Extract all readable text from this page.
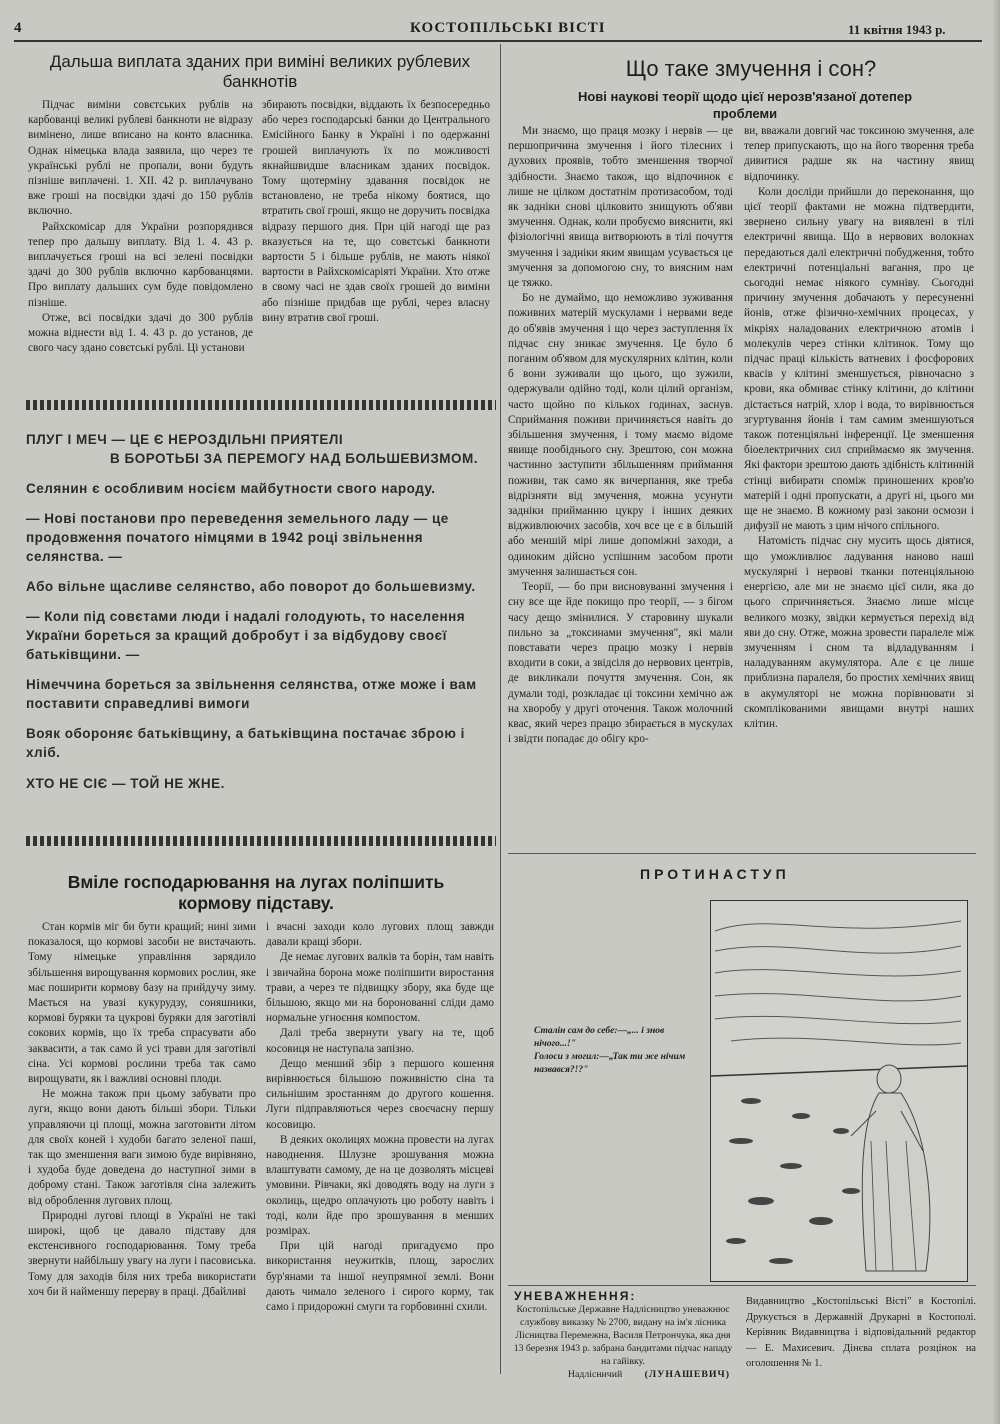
4	КОСТОПІЛЬСЬКІ ВІСТІ	11 квітня 1943 р.
Дальша виплата зданих при виміні великих рублевих банкнотів

Підчас виміни совєтських рублів на карбованці великі рублеві банкноти не відразу вимінено, лише вписано на конто власника. Однак німецька влада заявила, що через те українські рублі не пропали, вони будуть пізніше виплачені. 1. XII. 42 р. виплачувано вже гроші на посвідки здачі до 150 рублів включно.

Райхскомісар для України розпорядився тепер про дальшу виплату. Від 1. 4. 43 р. виплачується гроші на всі зелені посвідки здачі до 300 рублів включно карбованцями. Про виплату дальших сум буде повідомлено пізніше.

Отже, всі посвідки здачі до 300 рублів можна віднести від 1. 4. 43 р. до установ, де свого часу здано совєтські рублі. Ці установи

збирають посвідки, віддають їх безпосередньо або через господарські банки до Центрального Емісійного Банку в Україні і по одержанні грошей виплачують їх по можливості якнайшвидше власникам зданих посвідок. Тому щотерміну здавання посвідок не встановлено, не треба нікому боятися, що втратить свої гроші, якщо не доручить посвідка відразу першого дня. При цій нагоді ще раз вказується на те, що совєтські банкноти вартости 5 і більше рублів, не мають ніякої вартости в Райхскомісаріяті України. Хто отже в свому часі не здав своїх грошей до виміни або пізніше придбав ще рублі, через власну вину втратив свої гроші.

ПЛУГ І МЕЧ — ЦЕ Є НЕРОЗДІЛЬНІ ПРИЯТЕЛІ

В БОРОТЬБІ ЗА ПЕРЕМОГУ НАД БОЛЬШЕВИЗМОМ.

Селянин є особливим носієм майбутности свого народу.

— Нові постанови про переведення земельного ладу — це продовження початого німцями в 1942 році звільнення селянства. —

Або вільне щасливе селянство, або поворот до большевизму.

— Коли під совєтами люди і надалі голодують, то населення України бореться за кращий добробут і за відбудову своєї батьківщини. —

Німеччина бореться за звільнення селянства, отже може і вам поставити справедливі вимоги

Вояк обороняє батьківщину, а батьківщина постачає зброю і хліб.

ХТО НЕ СІЄ — ТОЙ НЕ ЖНЕ.

Що таке змучення і сон?
Нові наукові теорії щодо цієї нерозв'язаної дотепер проблеми

Ми знаємо, що праця мозку і нервів — це першопричина змучення і його тілесних і духових проявів, тобто зменшення творчої здібности. Знаємо також, що відпочинок є лише не цілком достатнім протизасобом, тоді як задніки снові цілковито знищують об'яви змучення. Однак, коли пробуємо вияснити, які фізіологічні явища витворюють в тілі почуття змучення і задніки яким явищам усувається це змучення за допомогою сну, то виясним нам це тяжко.

Бо не думаймо, що неможливо зуживання поживних матерій мускулами і нервами веде до об'явів змучення і що через заступлення їх підчас сну зникає змучення. Це було б поганим об'явом для мускулярних клітин, коли б вони зуживали що цього, що зужили, одержували одійно тоді, коли цілий організм, часто щойно по кількох годинах, заснув. Сприймання поживи причиняється навіть до збільшення змучення, і тому маємо відоме явище пообіднього сну. Зрештою, сон можна частинно заступити збільшенням приймання поживи, так само як вичерпання, яке треба відрізняти від змучення, можна усунути задніки прийманню цукру і інших деяких відживлюючих засобів, хоч все це є в більшій або меншій мірі лише допоміжні заходи, а одиноким дійсно успішним засобом проти змучення залишається сон.

Теорії, — бо при висновуванні змучення і сну все ще йде покищо про теорії, — з бігом часу дещо змінилися. У старовину шукали пильно за „токсинами змучення", які мали повставати через працю мозку і нервів входити в соки, а звідсіля до нервових центрів, де викликали почуття змучення. Сон, як думали тоді, розкладає ці токсини хемічно аж на хворобу у другі оточення. Також молочний квас, який через працю збирається в мускулах і звідти попадає до обігу кро-

ви, вважали довгий час токсиною змучення, але тепер припускають, що на його творення треба дивитися радше як на частину явищ відпочинку.

Коли досліди прийшли до переконання, що цієї теорії фактами не можна підтвердити, звернено сильну увагу на виявлені в тілі електричні явища. Що в нервових волокнах передаються далі електричні побудження, тобто електричні потенціальні вагання, про це сьогодні немає ніякого сумніву. Сьогодні причину змучення добачають у пересуненні йонів, отже фізично-хемічних процесах, у мікріях наладованих електричною атомів і молекулів через стінки клітинок. Тому що підчас праці кількість ватневих і фосфорових квасів у клітині зменшується, рівночасно з крови, яка обмиває стінку клітини, до клітини дістається натрій, хлор і вода, то вирівнюється згуртування йонів і там самим зменшуються також потенціяльні інференції. Це зменшення біоелектричних сил сприймаємо як змучення. Які фактори зрештою дають здібність клітинній стінці вибирати споміж приношених кров'ю матерій і одні пропускати, а другі ні, цього ми ще не знаємо. В кожному разі закони осмози і дифузії не мають з цим нічого спільного.

Натомість підчас сну мусить щось діятися, що уможливлює ладування наново наші мускулярні і нервові тканки потенціяльною енергією, але ми не знаємо цієї сили, яка до цього спричиняється. Знаємо лише місце великого мозку, звідки кермується перехід від яви до сну. Отже, можна зровести паралеле між змученням і сном та відладуванням і наладуванням акумулятора. Але є це лише приблизна паралеля, бо простих хемічних явищ в акумуляторі не можна порівнювати зі скомплікованими явищами внутрі наших клітин.

Вміле господарювання на лугах поліпшить кормову підставу.

Стан кормів міг би бути кращий; нині зими показалося, що кормові засоби не вистачають. Тому німецьке управління зарядило збільшення вирощування кормових рослин, яке має поширити кормову базу на прийдучу зиму. Мається на увазі кукурудзу, соняшники, кормові буряки та цукрові буряки для заготівлі сокових кормів, що їх треба спрасувати або заквасити, а так само й усі трави для заготівлі сіна. Усі кормові рослини треба так само вирощувати, як і важливі основні плоди.

Не можна також при цьому забувати про луги, якщо вони дають більші збори. Тільки управляючи ці площі, можна заготовити літом для своїх коней і худоби багато зеленої паші, так що зменшення ваги зимою буде вирівняно, і худоба буде доведена до наступної зими в доброму стані. Також заготівля сіна залежить від оброблення лугових площ.

Природні лугові площі в Україні не такі широкі, щоб це давало підставу для екстенсивного господарювання. Тому треба звернути найбільшу увагу на луги і пасовиська. Тому для заходів біля них треба використати хоч би й найменшу перерву в праці. Дбайливі

і вчасні заходи коло лугових площ завжди давали кращі збори.

Де немає лугових валків та борін, там навіть і звичайна борона може поліпшити виростання трави, а через те підвищку збору, яка буде ще більшою, якщо ми на боронованні сліди дамо нормальне угноєння компостом.

Далі треба звернути увагу на те, щоб косовиця не наступала запізно.

Дещо менший збір з першого кошення вирівнюється більшою поживністю сіна та сильнішим зростанням до другого кошення. Луги підправляються через своєчасну першу косовицю.

В деяких околицях можна провести на лугах наводнення. Шлузне зрошування можна влаштувати самому, де на це дозволять місцеві умовини. Рівчаки, які доводять воду на луги з околиць, щедро оплачують цю роботу навіть і тоді, коли йде про зрошування в менших розмірах.

При цій нагоді пригадуємо про використання неужитків, площ, зарослих бур'янами та іншої неупрямної землі. Вони дають чимало зеленого і сирого корму, так само і придорожні смуги та горбовинні схили.

ПРОТИНАСТУП
Сталін сам до себе:—„... і знов нічого...!"
Голоси з могил:—„Так ти же нічим назвався?!?"
УНЕВАЖНЕННЯ:
Костопільське Державне Надлісництво уневажнює службову виказку № 2700, видану на ім'я лісника Лісництва Перемежна, Василя Петрончука, яка дня 13 березня 1943 р. забрана бандитами підчас нападу на гайівку.
Надлісничий (ЛУНАШЕВИЧ)
Видавництво „Костопільські Вісті" в Костопілі. Друкується в Державній Друкарні в Костополі. Керівник Видавництва і відповідальний редактор — Е. Махисевич. Дінєва сплата розцінок на оголошення № 1.
